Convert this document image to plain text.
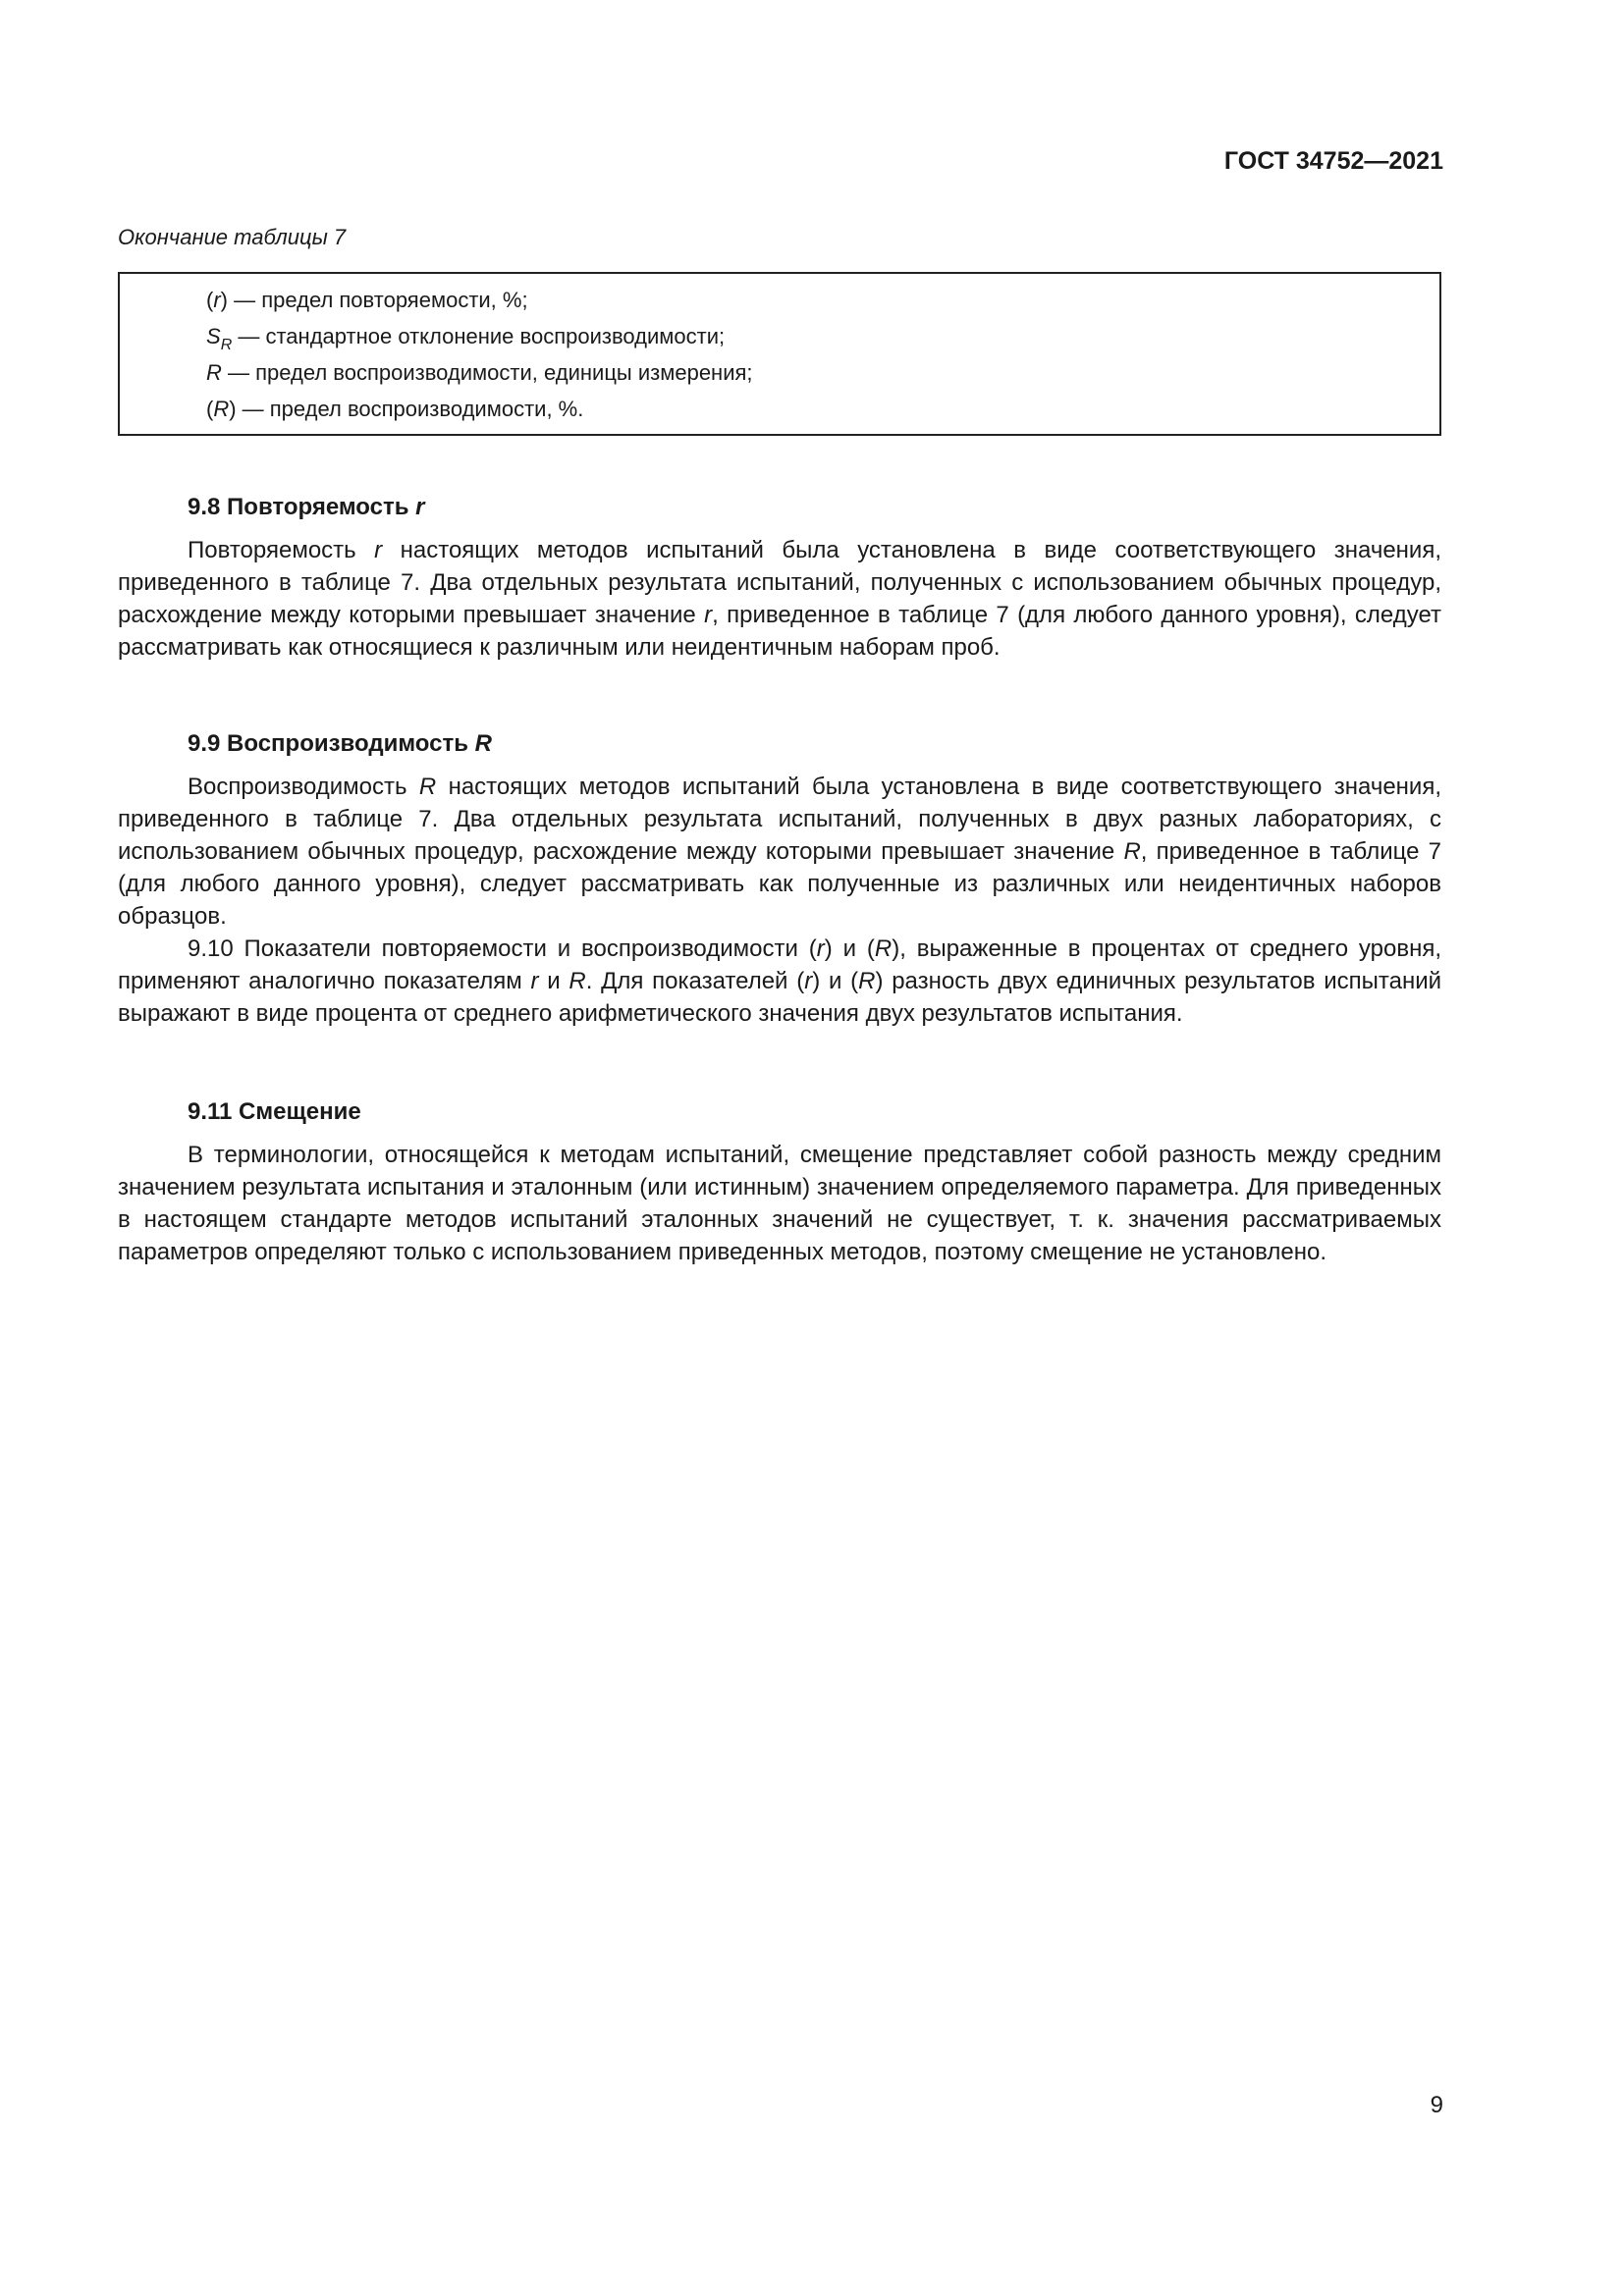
ГОСТ 34752—2021
Окончание таблицы 7
(r) — предел повторяемости, %;
$S_R$ — стандартное отклонение воспроизводимости;
R — предел воспроизводимости, единицы измерения;
(R) — предел воспроизводимости, %.
9.8 Повторяемость r

Повторяемость r настоящих методов испытаний была установлена в виде соответствующего значения, приведенного в таблице 7. Два отдельных результата испытаний, полученных с использованием обычных процедур, расхождение между которыми превышает значение r, приведенное в таблице 7 (для любого данного уровня), следует рассматривать как относящиеся к различным или неидентичным наборам проб.

9.9 Воспроизводимость R

Воспроизводимость R настоящих методов испытаний была установлена в виде соответствующего значения, приведенного в таблице 7. Два отдельных результата испытаний, полученных в двух разных лабораториях, с использованием обычных процедур, расхождение между которыми превышает значение R, приведенное в таблице 7 (для любого данного уровня), следует рассматривать как полученные из различных или неидентичных наборов образцов.

9.10 Показатели повторяемости и воспроизводимости (r) и (R), выраженные в процентах от среднего уровня, применяют аналогично показателям r и R. Для показателей (r) и (R) разность двух единичных результатов испытаний выражают в виде процента от среднего арифметического значения двух результатов испытания.

9.11 Смещение

В терминологии, относящейся к методам испытаний, смещение представляет собой разность между средним значением результата испытания и эталонным (или истинным) значением определяемого параметра. Для приведенных в настоящем стандарте методов испытаний эталонных значений не существует, т. к. значения рассматриваемых параметров определяют только с использованием приведенных методов, поэтому смещение не установлено.

9
